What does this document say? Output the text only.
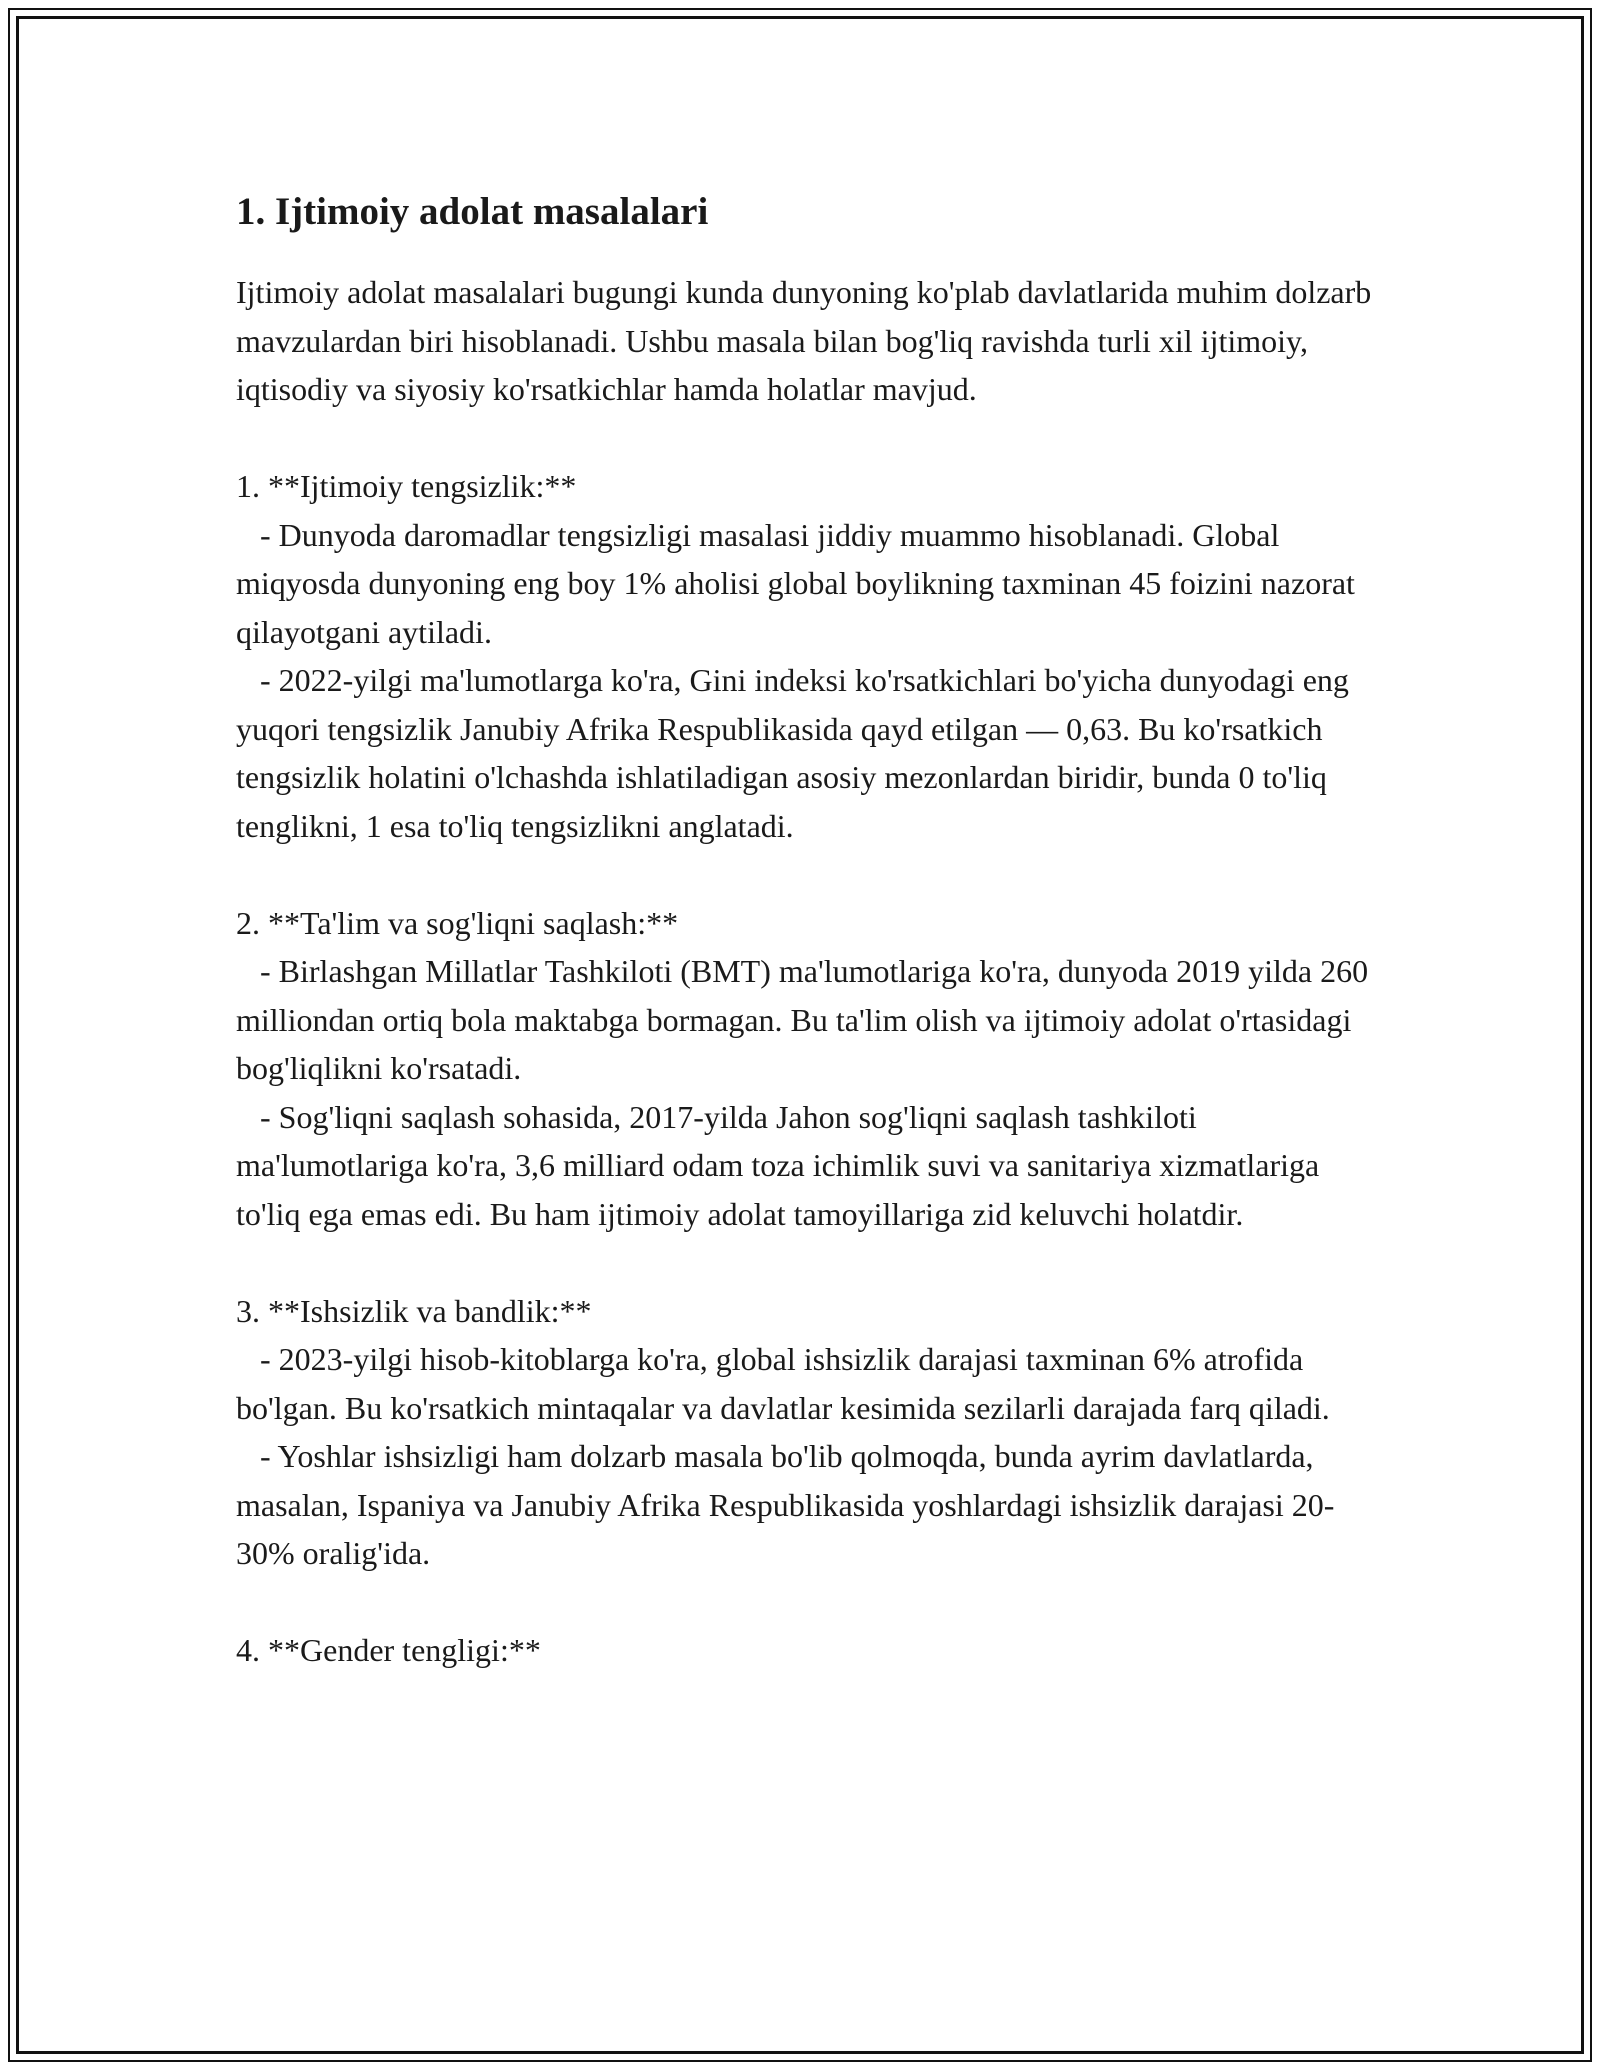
1. Ijtimoiy adolat masalalari

Ijtimoiy adolat masalalari bugungi kunda dunyoning ko'plab davlatlarida muhim dolzarb mavzulardan biri hisoblanadi. Ushbu masala bilan bog'liq ravishda turli xil ijtimoiy, iqtisodiy va siyosiy ko'rsatkichlar hamda holatlar mavjud.

1. **Ijtimoiy tengsizlik:**

- Dunyoda daromadlar tengsizligi masalasi jiddiy muammo hisoblanadi. Global miqyosda dunyoning eng boy 1% aholisi global boylikning taxminan 45 foizini nazorat qilayotgani aytiladi.

- 2022-yilgi ma'lumotlarga ko'ra, Gini indeksi ko'rsatkichlari bo'yicha dunyodagi eng yuqori tengsizlik Janubiy Afrika Respublikasida qayd etilgan — 0,63. Bu ko'rsatkich tengsizlik holatini o'lchashda ishlatiladigan asosiy mezonlardan biridir, bunda 0 to'liq tenglikni, 1 esa to'liq tengsizlikni anglatadi.

2. **Ta'lim va sog'liqni saqlash:**

- Birlashgan Millatlar Tashkiloti (BMT) ma'lumotlariga ko'ra, dunyoda 2019 yilda 260 milliondan ortiq bola maktabga bormagan. Bu ta'lim olish va ijtimoiy adolat o'rtasidagi bog'liqlikni ko'rsatadi.

- Sog'liqni saqlash sohasida, 2017-yilda Jahon sog'liqni saqlash tashkiloti ma'lumotlariga ko'ra, 3,6 milliard odam toza ichimlik suvi va sanitariya xizmatlariga to'liq ega emas edi. Bu ham ijtimoiy adolat tamoyillariga zid keluvchi holatdir.

3. **Ishsizlik va bandlik:**

- 2023-yilgi hisob-kitoblarga ko'ra, global ishsizlik darajasi taxminan 6% atrofida bo'lgan. Bu ko'rsatkich mintaqalar va davlatlar kesimida sezilarli darajada farq qiladi.

- Yoshlar ishsizligi ham dolzarb masala bo'lib qolmoqda, bunda ayrim davlatlarda, masalan, Ispaniya va Janubiy Afrika Respublikasida yoshlardagi ishsizlik darajasi 20-30% oralig'ida.

4. **Gender tengligi:**
